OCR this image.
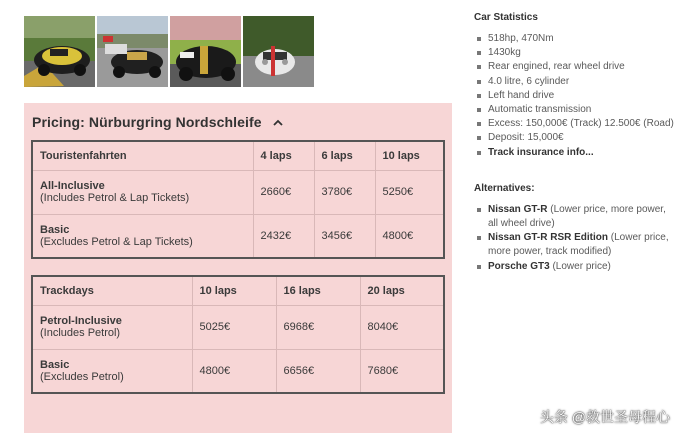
Pricing: Nürburgring Nordschleife
Touristenfahrten	4 laps	6 laps	10 laps

All-Inclusive
(Includes Petrol & Lap Tickets)	2660€	3780€	5250€

Basic
(Excludes Petrol & Lap Tickets)	2432€	3456€	4800€
Trackdays	10 laps	16 laps	20 laps

Petrol-Inclusive
(Includes Petrol)	5025€	6968€	8040€

Basic
(Excludes Petrol)	4800€	6656€	7680€
Car Statistics
518hp, 470Nm
1430kg
Rear engined, rear wheel drive
4.0 litre, 6 cylinder
Left hand drive
Automatic transmission
Excess: 150,000€ (Track) 12.500€ (Road)
Deposit: 15,000€
Track insurance info...
Alternatives:
Nissan GT-R (Lower price, more power, all wheel drive)
Nissan GT-R RSR Edition (Lower price, more power, track modified)
Porsche GT3 (Lower price)
头条 @救世圣母程心
